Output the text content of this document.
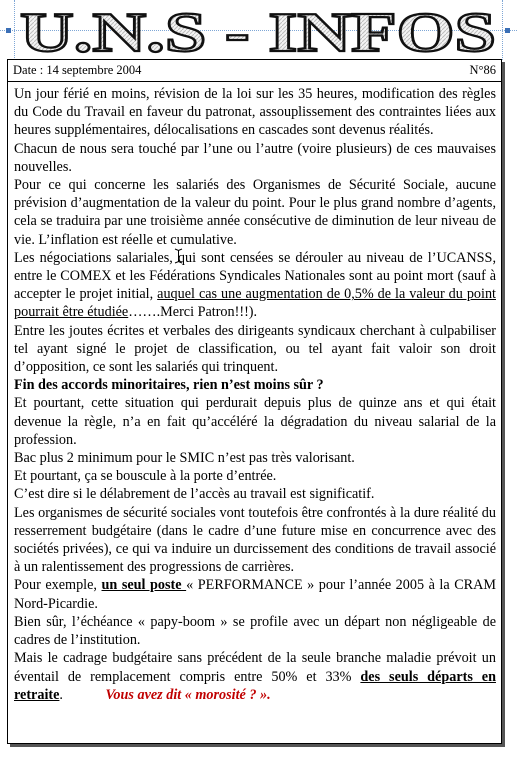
U.N.S - INFOS
Date : 14 septembre 2004	N°86

Un jour férié en moins, révision de la loi sur les 35 heures, modification des règles du Code du Travail en faveur du patronat, assouplissement des contraintes liées aux heures supplémentaires, délocalisations en cascades sont devenus réalités.

Chacun de nous sera touché par l’une ou l’autre (voire plusieurs) de ces mauvaises nouvelles.

Pour ce qui concerne les salariés des Organismes de Sécurité Sociale, aucune prévision d’augmentation de la valeur du point. Pour le plus grand nombre d’agents, cela se traduira par une troisième année consécutive de diminution de leur niveau de vie. L’inflation est réelle et cumulative.

Les négociations salariales, qui sont censées se dérouler au niveau de l’UCANSS, entre le COMEX et les Fédérations Syndicales Nationales sont au point mort (sauf à accepter le projet initial, auquel cas une augmentation de 0,5% de la valeur du point pourrait être étudiée…….Merci Patron!!!).

Entre les joutes écrites et verbales des dirigeants syndicaux cherchant à culpabiliser tel ayant signé le projet de classification, ou tel ayant fait valoir son droit d’opposition, ce sont les salariés qui trinquent.

Fin des accords minoritaires, rien n’est moins sûr ?

Et pourtant, cette situation qui perdurait depuis plus de quinze ans et qui était devenue la règle, n’a en fait qu’accéléré la dégradation du niveau salarial de la profession.

Bac plus 2 minimum pour le SMIC n’est pas très valorisant.

Et pourtant, ça se bouscule à la porte d’entrée.

C’est dire si le délabrement de l’accès au travail est significatif.

Les organismes de sécurité sociales vont toutefois être confrontés à la dure réalité du resserrement budgétaire (dans le cadre d’une future mise en concurrence avec des sociétés privées), ce qui va induire un durcissement des conditions de travail associé à un ralentissement des progressions de carrières.

Pour exemple, un seul poste « PERFORMANCE » pour l’année 2005 à la CRAM Nord-Picardie.

Bien sûr, l’échéance « papy-boom » se profile avec un départ non négligeable de cadres de l’institution.

Mais le cadrage budgétaire sans précédent de la seule branche maladie prévoit un éventail de remplacement compris entre 50% et 33% des seuls départs en retraite.	Vous avez dit « morosité ? ».
